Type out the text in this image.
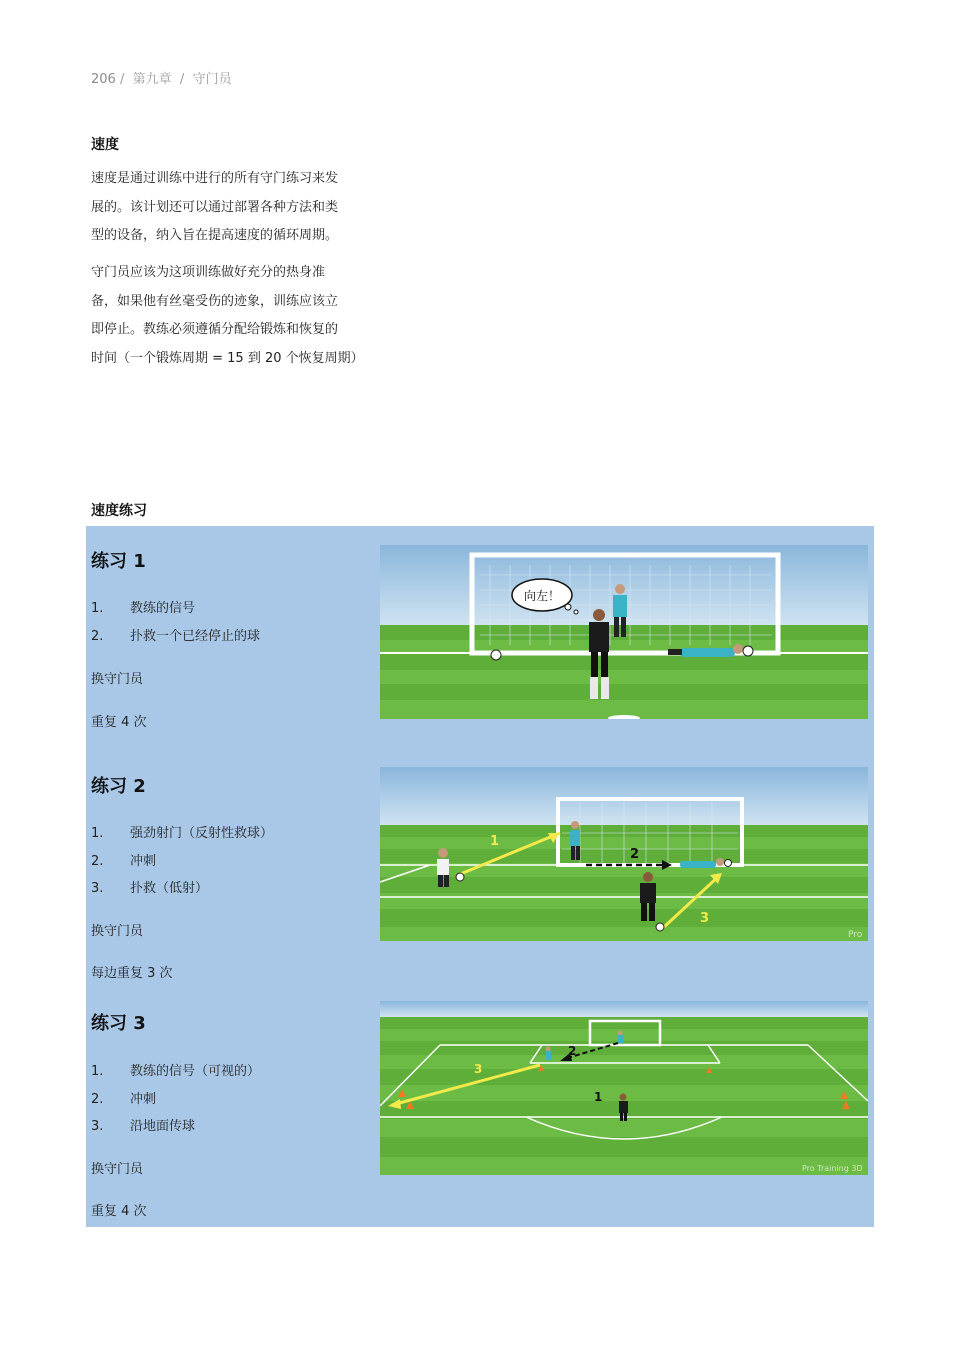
206 / 第九章 / 守门员
速度

速度是通过训练中进行的所有守门练习来发

展的。该计划还可以通过部署各种方法和类

型的设备，纳入旨在提高速度的循环周期。

守门员应该为这项训练做好充分的热身准

备，如果他有丝毫受伤的迹象，训练应该立

即停止。教练必须遵循分配给锻炼和恢复的

时间（一个锻炼周期 = 15 到 20 个恢复周期）

速度练习
练习 1
1. 教练的信号
2. 扑救一个已经停止的球
换守门员
重复 4 次
向左！
练习 2
1. 强劲射门（反射性救球）
2. 冲刺
3. 扑救（低射）
换守门员
每边重复 3 次
1
2
3
Pro
练习 3
1. 教练的信号（可视的）
2. 冲刺
3. 沿地面传球
换守门员
重复 4 次
2
3
1
Pro Training 3D
